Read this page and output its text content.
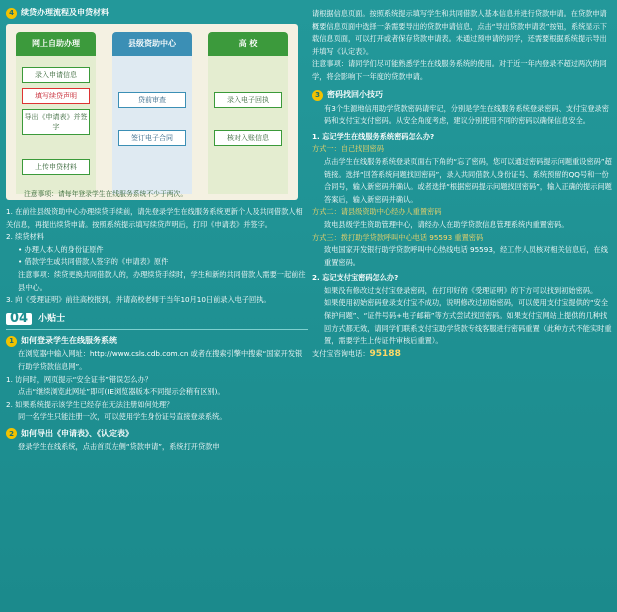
4 续贷办理流程及申贷材料
网上自助办理
录入申请信息
填写续贷声明
导出《申请表》并签字
上传申贷材料
县级资助中心
贷前审查
签订电子合同
高 校
录入电子回执
核对入账信息
注意事项：请每年登录学生在线服务系统不少于两次。

1. 在前往县级资助中心办理续贷手续前，请先登录学生在线服务系统更新个人及共同借款人相关信息，再提出续贷申请。按照系统提示填写续贷声明后，打印《申请表》并签字。

2. 续贷材料

• 办理人本人的身份证原件

• 借款学生或共同借款人签字的《申请表》原件

注意事项：续贷更换共同借款人的，办理续贷手续时，学生和新的共同借款人需要一起前往县中心。

3. 向《受理证明》前往高校报到，并请高校老师于当年10月10日前录入电子回执。

04	小贴士
1 如何登录学生在线服务系统

在浏览器中输入网址：http://www.csls.cdb.com.cn 或者在搜索引擎中搜索“国家开发银行助学贷款信息网”。

1. 访问时，网页提示“安全证书”错误怎么办？

点击“继续浏览此网址”即可(IE浏览器版本不同提示会稍有区别)。

2. 如果系统提示该学生已经存在无法注册如何处理？

同一名学生只能注册一次，可以使用学生身份证号直接登录系统。

2 如何导出《申请表》、《认定表》

登录学生在线系统，点击首页左侧“贷款申请”，系统打开贷款申

请根据信息页面。按照系统提示填写学生和共同借款人基本信息并进行贷款申请。在贷款申请概要信息页面中选择一条需要导出的贷款申请信息，点击“导出贷款申请表”按钮，系统显示下载信息页面，可以打开或者保存贷款申请表。未通过预申请的同学，还需要根据系统提示导出并填写《认定表》。

注意事项：请同学们尽可能熟悉学生在线服务系统的使用。对于近一年内登录不超过两次的同学，将会影响下一年度的贷款申请。

3 密码找回小技巧

有3个生源地信用助学贷款密码请牢记，分别是学生在线服务系统登录密码、支付宝登录密码和支付宝支付密码。从安全角度考虑，建议分别使用不同的密码以确保信息安全。

1. 忘记学生在线服务系统密码怎么办?

方式一：自己找回密码

点击学生在线服务系统登录页面右下角的“忘了密码，您可以通过密码提示问题重设密码”超链接。选择“回答系统问题找回密码”，录入共同借款人身份证号、系统预留的QQ号和一份合同号，输入新密码并确认。或者选择“根据密码提示问题找回密码”，输入正确的提示问题答案后，输入新密码并确认。

方式二：请县级资助中心经办人重置密码

致电县级学生资助管理中心，请经办人在助学贷款信息管理系统内重置密码。

方式三：拨打助学贷款呼叫中心电话 95593 重置密码

致电国家开发银行助学贷款呼叫中心热线电话 95593，经工作人员核对相关信息后，在线重置密码。

2. 忘记支付宝密码怎么办?

如果没有修改过支付宝登录密码，在打印好的《受理证明》的下方可以找到初始密码。

如果使用初始密码登录支付宝不成功，说明修改过初始密码，可以使用支付宝提供的“安全保护问题”、“证件号码+电子邮箱”等方式尝试找回密码。如果支付宝网站上提供的几种找回方式都无效，请同学们联系支付宝助学贷款专线客服进行密码重置（此种方式不能实时重置，需要学生上传证件审核后重置）。

支付宝咨询电话：95188
